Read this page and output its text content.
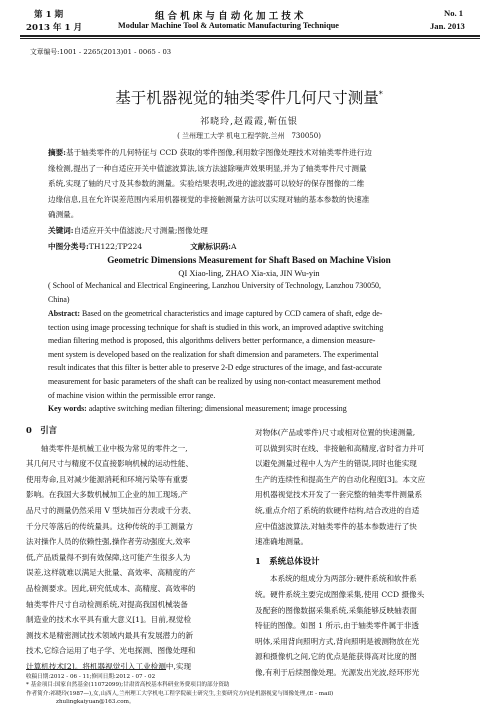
第 1 期
2013 年 1 月
组 合 机 床 与 自 动 化 加 工 技 术
Modular Machine Tool & Automatic Manufacturing Technique
No. 1
Jan. 2013
文章编号:1001 - 2265(2013)01 - 0065 - 03
基于机器视觉的轴类零件几何尺寸测量*
祁晓玲,赵霞霞,靳伍银
( 兰州理工大学 机电工程学院,兰州　730050)
摘要:基于轴类零件的几何特征与 CCD 获取的零件图像,利用数字图像处理技术对轴类零件进行边
缘检测,提出了一种自适应开关中值滤波算法,该方法滤除噪声效果明显,并为了轴类零件尺寸测量
系统,实现了轴的尺寸及其参数的测量。实验结果表明,改进的滤波器可以较好的保存图像的二维
边缘信息,且在允许误差范围内采用机器视觉的非接触测量方法可以实现对轴的基本参数的快速准
确测量。
关键词:自适应开关中值滤波;尺寸测量;图像处理
中图分类号:TH122;TP224	文献标识码:A
Geometric Dimensions Measurement for Shaft Based on Machine Vision
QI Xiao-ling, ZHAO Xia-xia, JIN Wu-yin
( School of Mechanical and Electrical Engineering, Lanzhou University of Technology, Lanzhou 730050,
China)
Abstract: Based on the geometrical characteristics and image captured by CCD camera of shaft, edge de-
tection using image processing technique for shaft is studied in this work, an improved adaptive switching
median filtering method is proposed, this algorithms delivers better performance, a dimension measure-
ment system is developed based on the realization for shaft dimension and parameters. The experimental
result indicates that this filter is better able to preserve 2-D edge structures of the image, and fast-accurate
measurement for basic parameters of the shaft can be realized by using non-contact measurement method
of machine vision within the permissible error range.
Key words: adaptive switching median filtering; dimensional measurement; image processing
0　引言
轴类零件是机械工业中极为常见的零件之一,
其几何尺寸与精度不仅直接影响机械的运动性能、
使用寿命,且对减少能源消耗和环境污染等有重要
影响。在我国大多数机械加工企业的加工现场,产
品尺寸的测量仍然采用 V 型块加百分表或千分表、
千分尺等落后的传统量具。这种传统的手工测量方
法对操作人员的依赖性强,操作者劳动强度大,效率
低,产品质量得不到有效保障,这可能产生很多人为
误差,这样就难以满足大批量、高效率、高精度的产
品检测要求。因此,研究低成本、高精度、高效率的
轴类零件尺寸自动检测系统,对提高我国机械装备
制造业的技术水平具有重大意义[1]。目前,视觉检
测技术是精密测试技术领域内最具有发展潜力的新
技术,它综合运用了电子学、光电探测、图像处理和
计算机技术[2]。将机器视觉引入工业检测中,实现
对物体(产品或零件)尺寸或相对位置的快速测量,
可以做到实时在线、非接触和高精度,省时省力并可
以避免测量过程中人为产生的错误,同时也能实现
生产的连续性和提高生产的自动化程度[3]。本文应
用机器视觉技术开发了一套完整的轴类零件测量系
统,重点介绍了系统的软硬件结构,结合改进的自适
应中值滤波算法,对轴类零件的基本参数进行了快
速准确地测量。
1　系统总体设计
本系统的组成分为两部分:硬件系统和软件系
统。硬件系统主要完成图像采集,使用 CCD 摄像头
及配套的图像数据采集系统,采集能够反映轴表面
特征的图像。如图 1 所示,由于轴类零件属于非透
明体,采用背向照明方式,背向照明是被测物放在光
源和摄像机之间,它的优点是能获得高对比度的图
像,有利于后续图像处理。光源发出光波,经环形光
收稿日期:2012 - 06 - 11;修回日期:2012 - 07 - 02
* 基金项目:国家自然基金(11072099);甘肃省高校基本科研业务费项目的部分资助
作者简介:祁晓玲(1987—),女,山西人,兰州理工大学机电工程学院硕士研究生,主要研究方向是机器视觉与图像处理,(E - mail)
zhulingkaiyuan@163.com。
